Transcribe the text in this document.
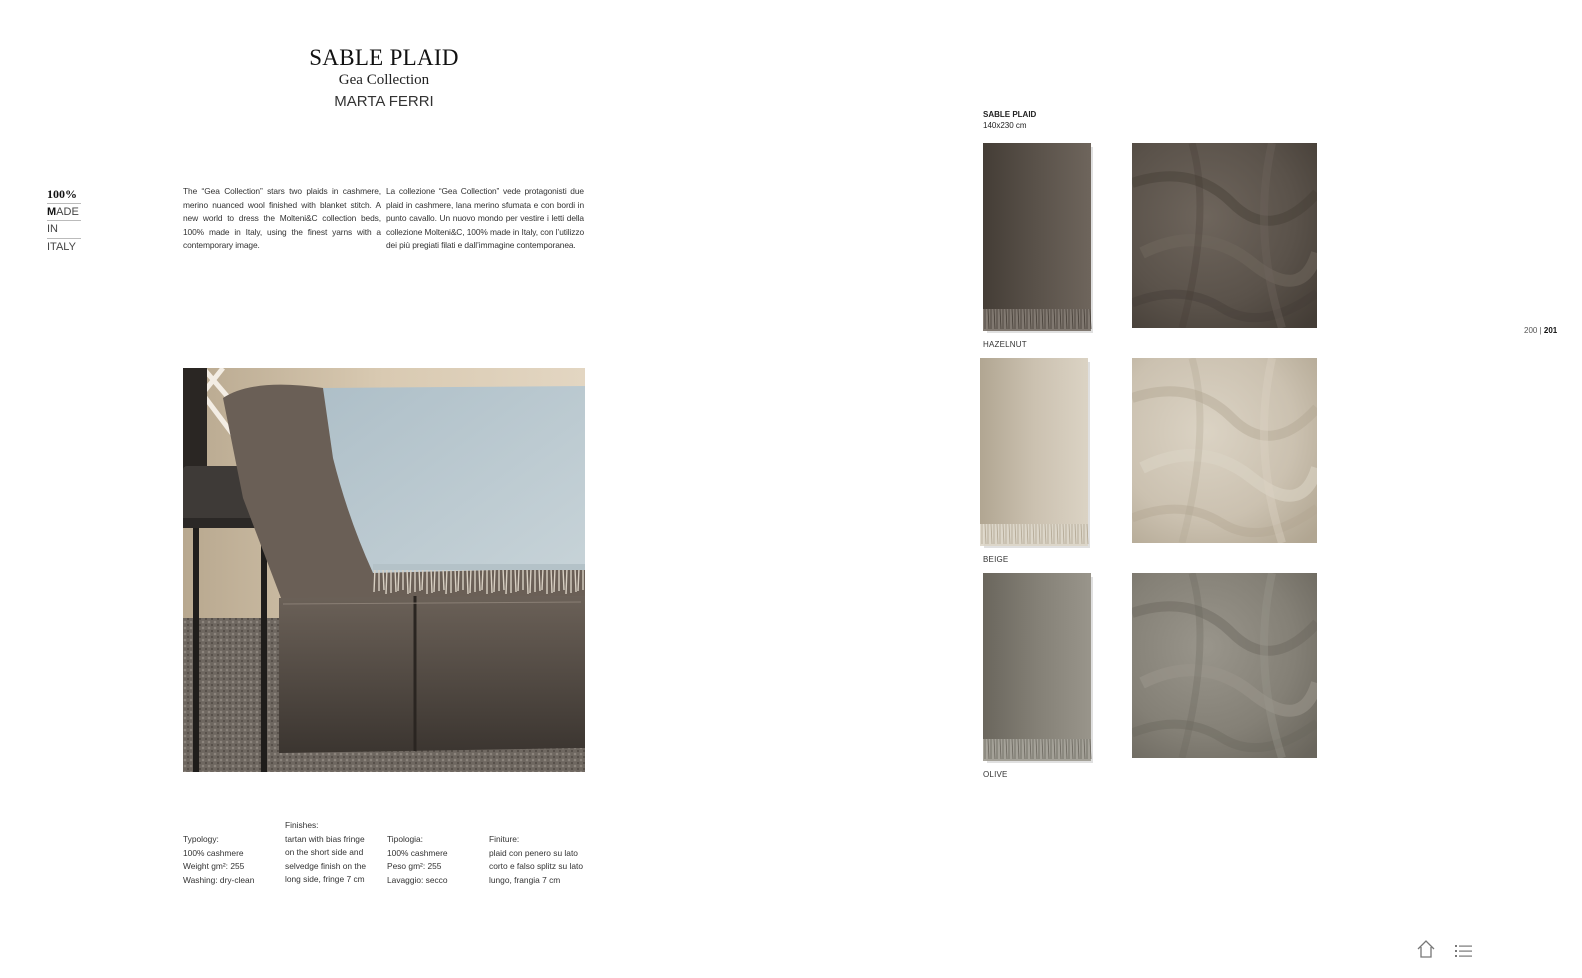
SABLE PLAID
Gea Collection
MARTA FERRI
100%
MADE
IN
ITALY
The “Gea Collection” stars two plaids in cashmere, merino nuanced wool finished with blanket stitch. A new world to dress the Molteni&C collection beds, 100% made in Italy, using the finest yarns with a contemporary image.
La collezione “Gea Collection” vede protagonisti due plaid in cashmere, lana merino sfumata e con bordi in punto cavallo. Un nuovo mondo per vestire i letti della collezione Molteni&C, 100% made in Italy, con l’utilizzo dei più pregiati filati e dall’immagine contemporanea.
Typology:
100% cashmere
Weight gm²: 255
Washing: dry-clean
Finishes:
tartan with bias fringe
on the short side and
selvedge finish on the
long side, fringe 7 cm
Tipologia:
100% cashmere
Peso gm²: 255
Lavaggio: secco
Finiture:
plaid con penero su lato
corto e falso splitz su lato
lungo, frangia 7 cm
SABLE PLAID
140x230 cm
HAZELNUT
BEIGE
OLIVE
200 | 201
